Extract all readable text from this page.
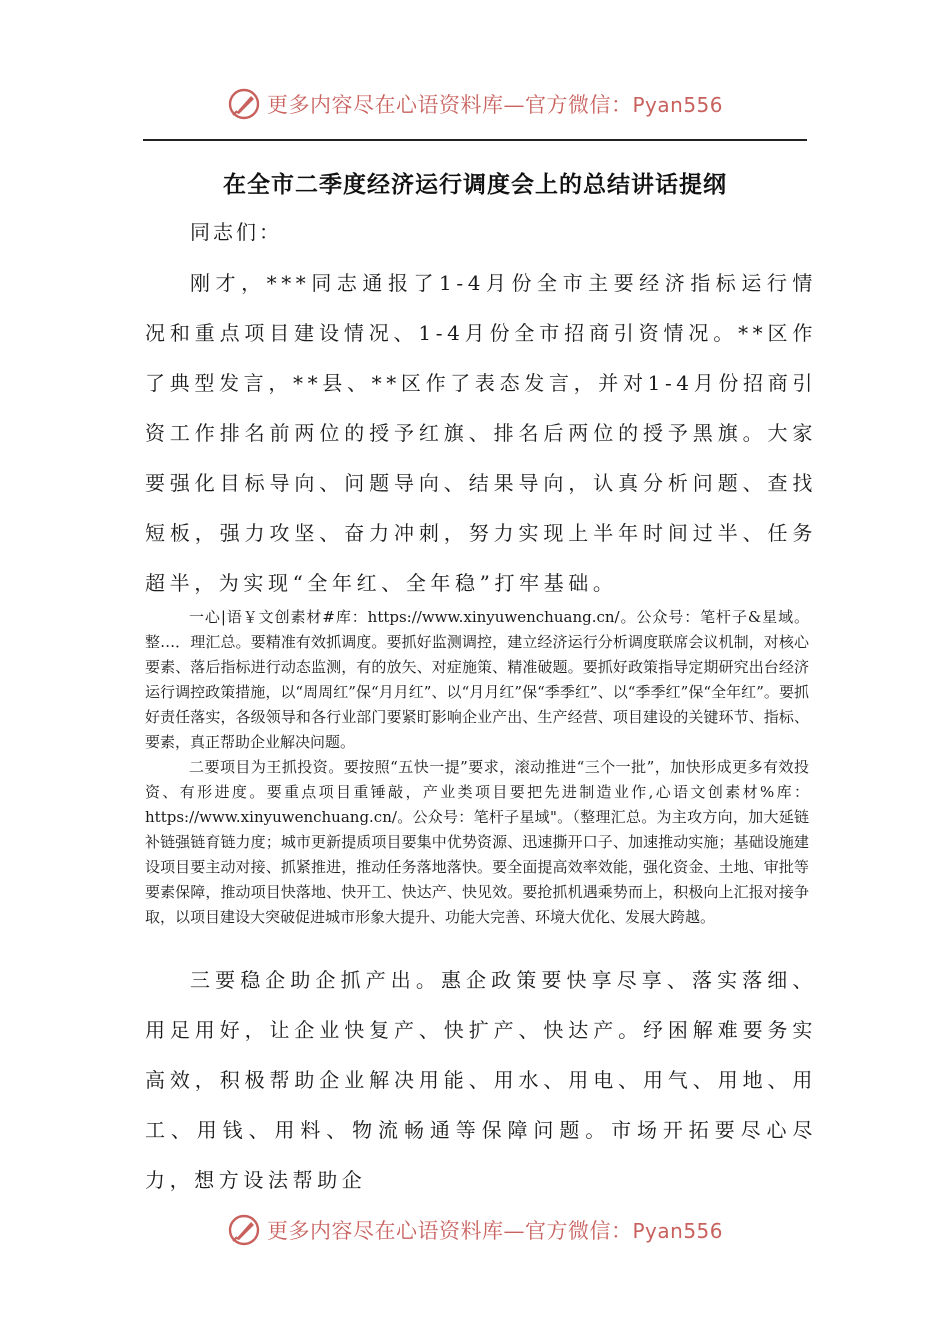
更多内容尽在心语资料库—官方微信：Pyan556
在全市二季度经济运行调度会上的总结讲话提纲
同志们：

刚才，***同志通报了1-4月份全市主要经济指标运行情况和重点项目建设情况、1-4月份全市招商引资情况。**区作了典型发言，**县、**区作了表态发言，并对1-4月份招商引资工作排名前两位的授予红旗、排名后两位的授予黑旗。大家要强化目标导向、问题导向、结果导向，认真分析问题、查找短板，强力攻坚、奋力冲刺，努力实现上半年时间过半、任务超半，为实现“全年红、全年稳”打牢基础。

一心|语￥文创素材#库：https://www.xinyuwenchuang.cn/。公众号：笔杆子&星域。整…．理汇总。要精准有效抓调度。要抓好监测调控，建立经济运行分析调度联席会议机制，对核心要素、落后指标进行动态监测，有的放矢、对症施策、精准破题。要抓好政策指导定期研究出台经济运行调控政策措施，以“周周红”保“月月红”、以“月月红”保“季季红”、以“季季红”保“全年红”。要抓好责任落实，各级领导和各行业部门要紧盯影响企业产出、生产经营、项目建设的关键环节、指标、要素，真正帮助企业解决问题。

二要项目为王抓投资。要按照“五快一提”要求，滚动推进“三个一批”，加快形成更多有效投资、有形进度。要重点项目重锤敲，产业类项目要把先进制造业作,心语文创素材%库：https://www.xinyuwenchuang.cn/。公众号：笔杆子星域"。（整理汇总。为主攻方向，加大延链补链强链育链力度；城市更新提质项目要集中优势资源、迅速撕开口子、加速推动实施；基础设施建设项目要主动对接、抓紧推进，推动任务落地落快。要全面提高效率效能，强化资金、土地、审批等要素保障，推动项目快落地、快开工、快达产、快见效。要抢抓机遇乘势而上，积极向上汇报对接争取，以项目建设大突破促进城市形象大提升、功能大完善、环境大优化、发展大跨越。

三要稳企助企抓产出。惠企政策要快享尽享、落实落细、用足用好，让企业快复产、快扩产、快达产。纾困解难要务实高效，积极帮助企业解决用能、用水、用电、用气、用地、用工、用钱、用料、物流畅通等保障问题。市场开拓要尽心尽力，想方设法帮助企

更多内容尽在心语资料库—官方微信：Pyan556
